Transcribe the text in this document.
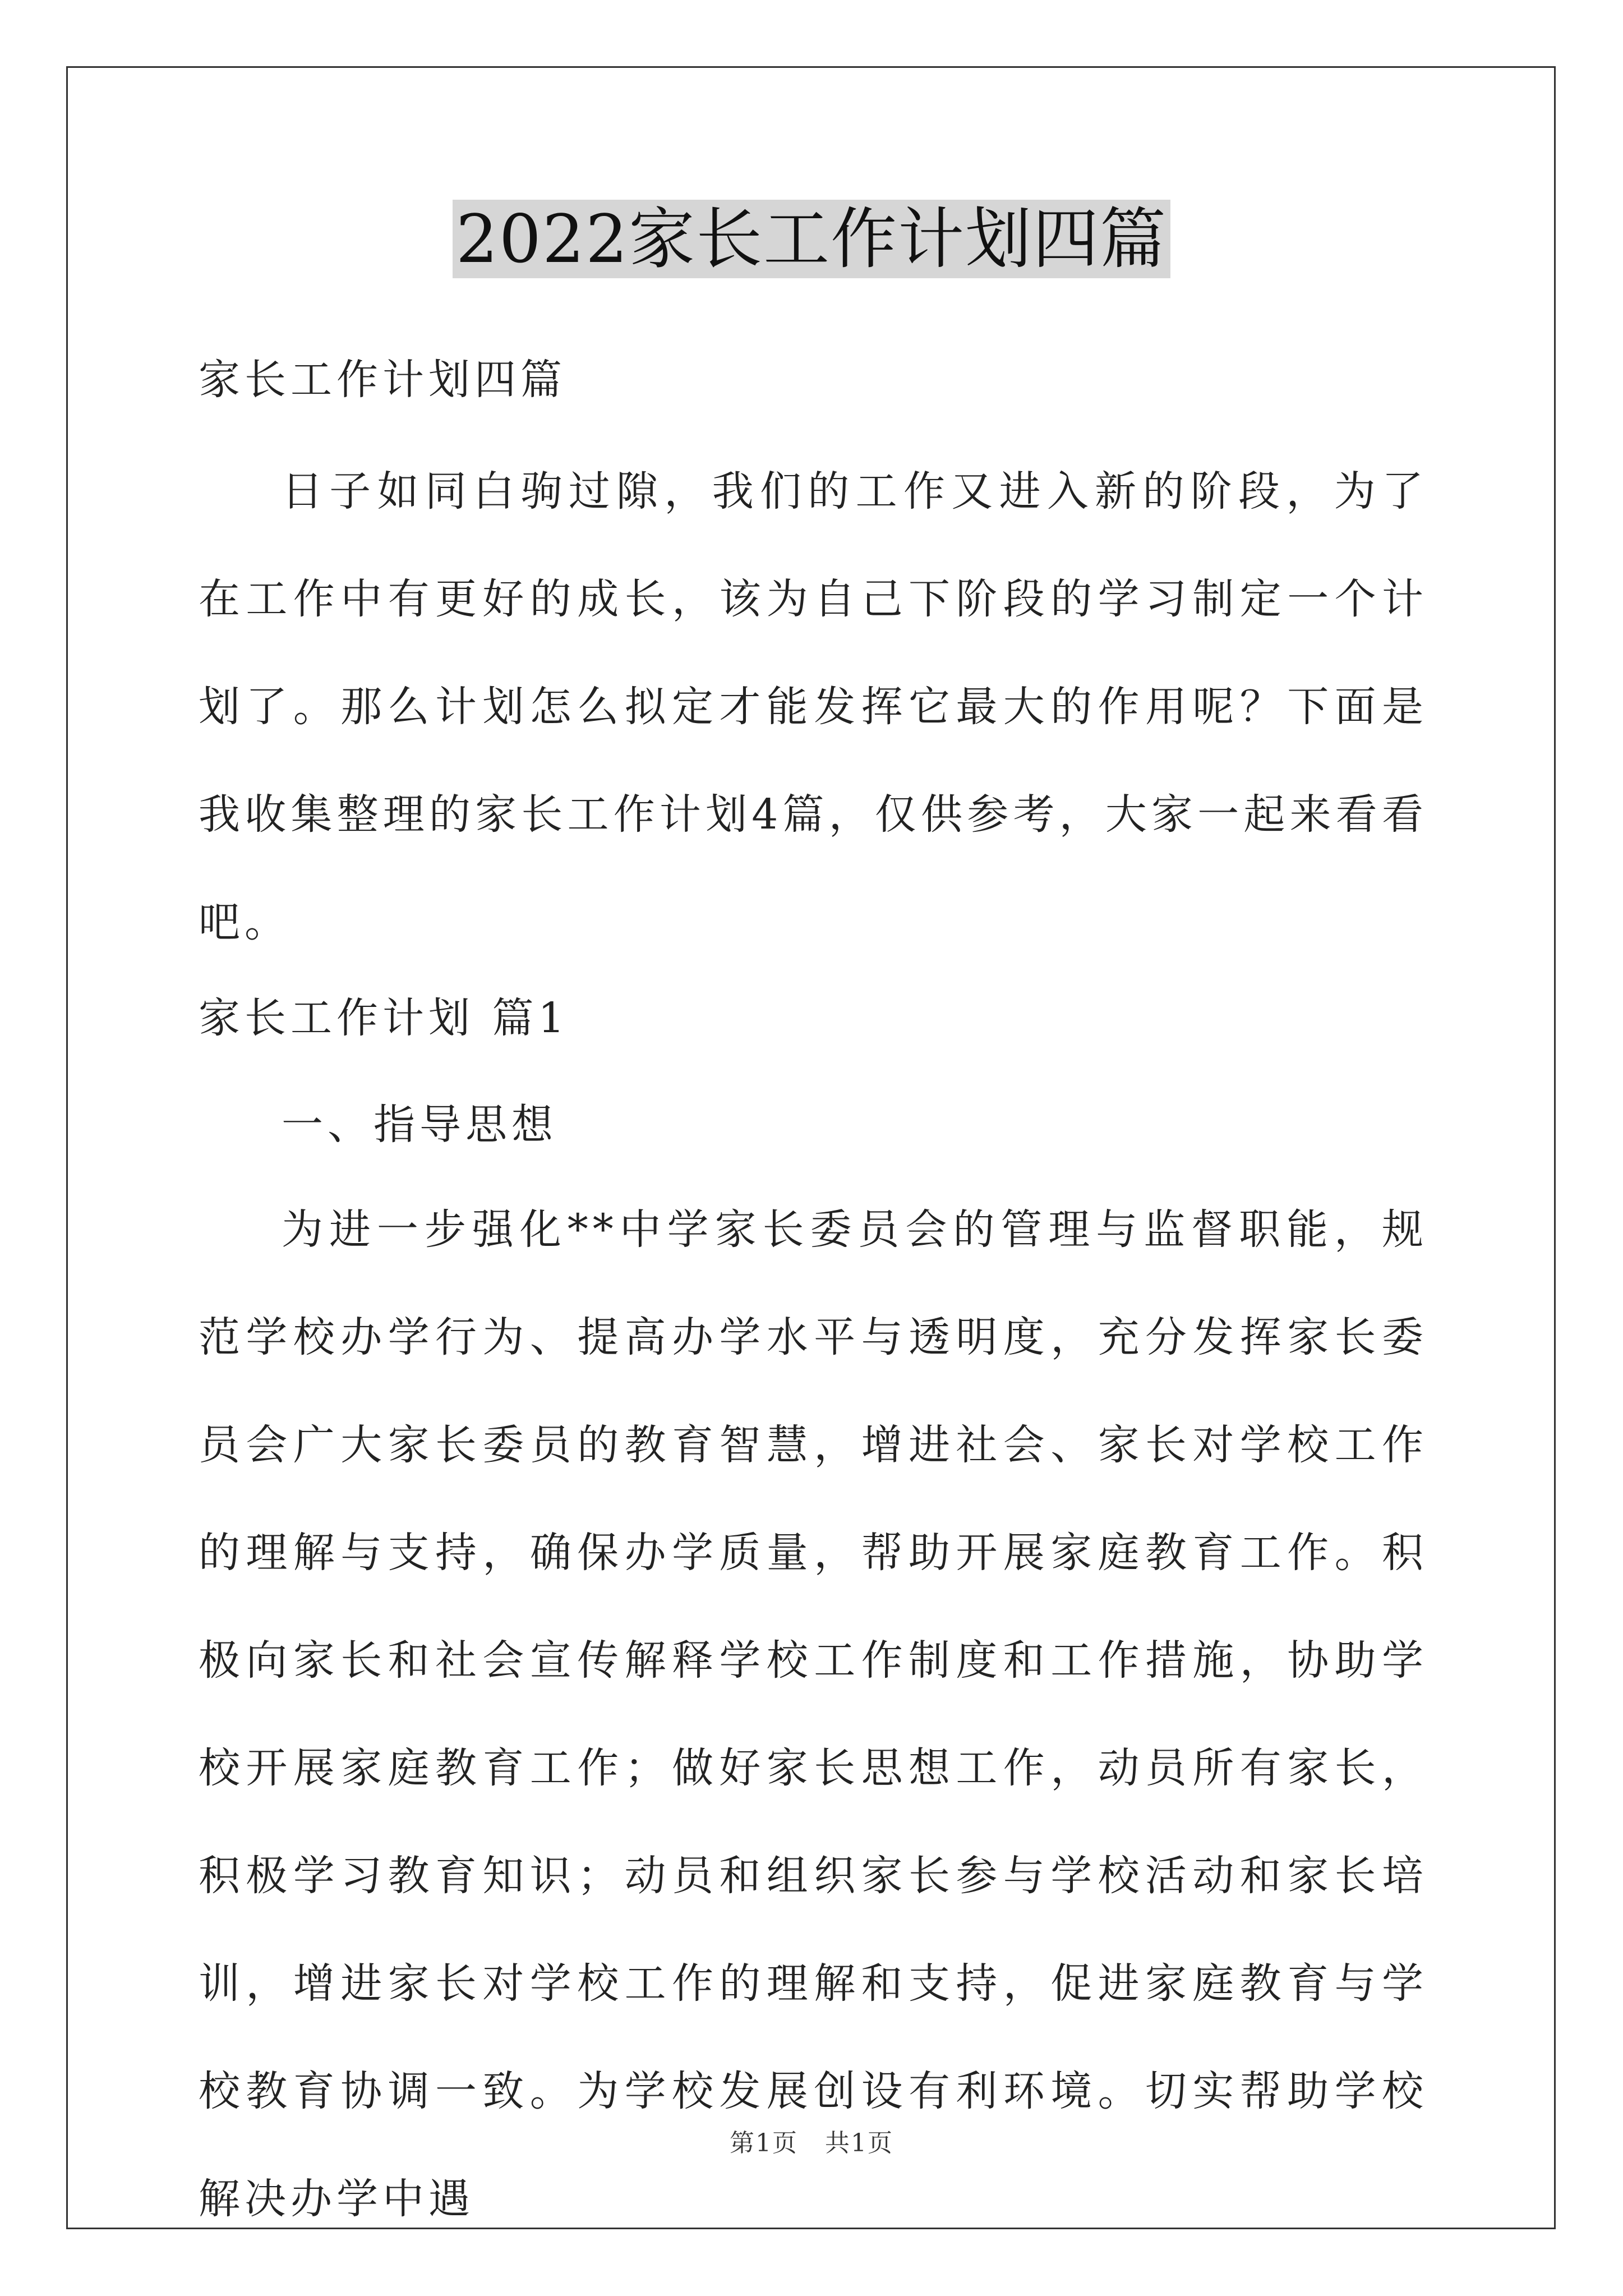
2022家长工作计划四篇
家长工作计划四篇
日子如同白驹过隙，我们的工作又进入新的阶段，为了在工作中有更好的成长，该为自己下阶段的学习制定一个计划了。那么计划怎么拟定才能发挥它最大的作用呢？下面是我收集整理的家长工作计划4篇，仅供参考，大家一起来看看吧。
家长工作计划 篇1
一、指导思想
为进一步强化**中学家长委员会的管理与监督职能，规范学校办学行为、提高办学水平与透明度，充分发挥家长委员会广大家长委员的教育智慧，增进社会、家长对学校工作的理解与支持，确保办学质量，帮助开展家庭教育工作。积极向家长和社会宣传解释学校工作制度和工作措施，协助学校开展家庭教育工作；做好家长思想工作，动员所有家长，积极学习教育知识；动员和组织家长参与学校活动和家长培训，增进家长对学校工作的理解和支持，促进家庭教育与学校教育协调一致。为学校发展创设有利环境。切实帮助学校解决办学中遇
第1页 共1页
